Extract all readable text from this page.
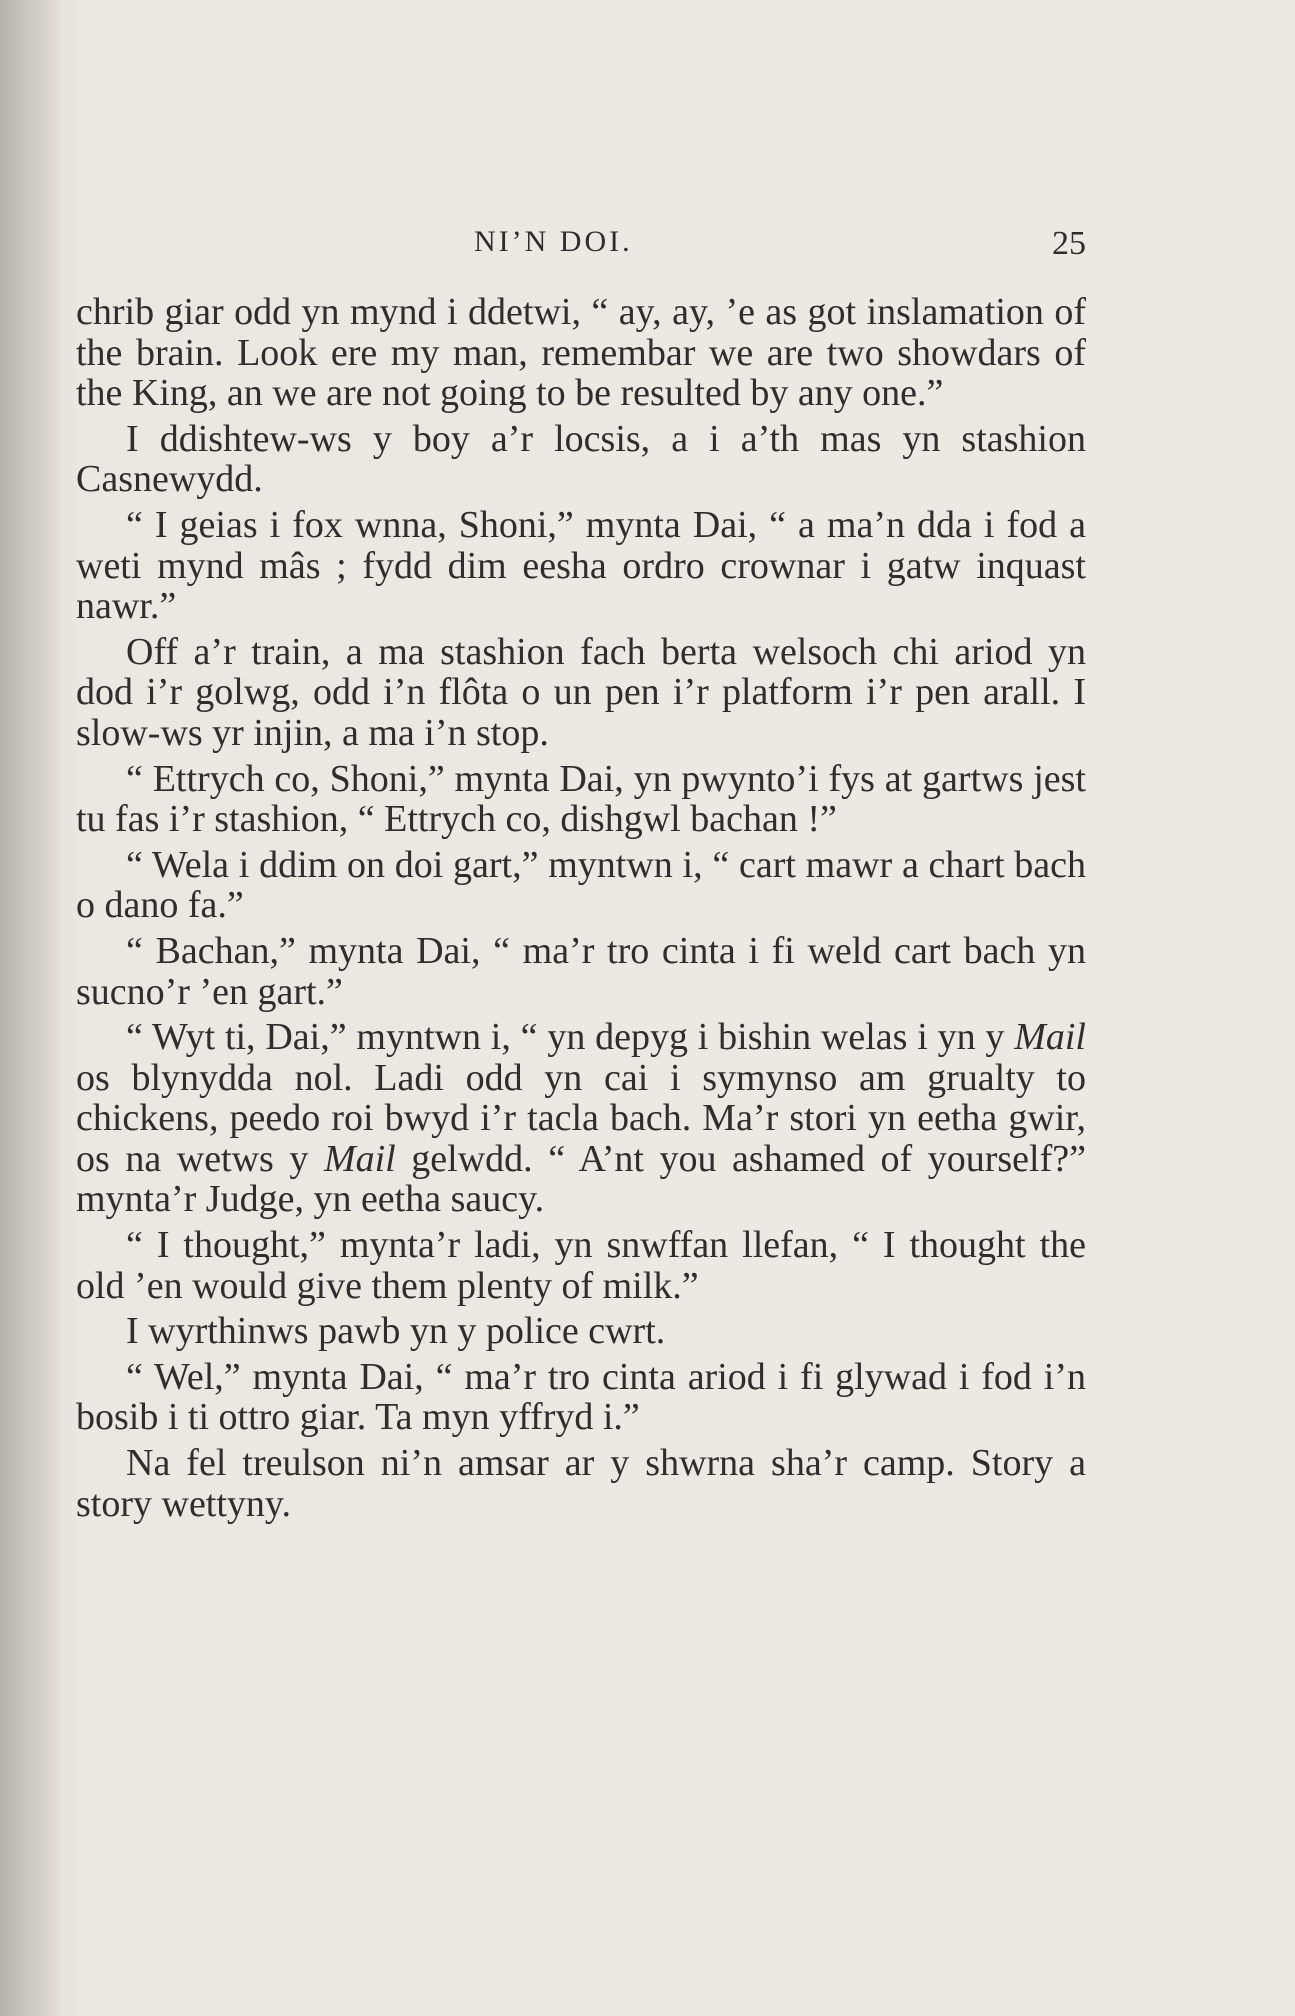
NI’N DOI.	25

chrib giar odd yn mynd i ddetwi, “ ay, ay, ’e as got inslamation of the brain. Look ere my man, remembar we are two showdars of the King, an we are not going to be resulted by any one.”

I ddishtew-ws y boy a’r locsis, a i a’th mas yn stashion Casnewydd.

“ I geias i fox wnna, Shoni,” mynta Dai, “ a ma’n dda i fod a weti mynd mâs ; fydd dim eesha ordro crownar i gatw inquast nawr.”

Off a’r train, a ma stashion fach berta welsoch chi ariod yn dod i’r golwg, odd i’n flôta o un pen i’r platform i’r pen arall. I slow-ws yr injin, a ma i’n stop.

“ Ettrych co, Shoni,” mynta Dai, yn pwynto’i fys at gartws jest tu fas i’r stashion, “ Ettrych co, dishgwl bachan !”

“ Wela i ddim on doi gart,” myntwn i, “ cart mawr a chart bach o dano fa.”

“ Bachan,” mynta Dai, “ ma’r tro cinta i fi weld cart bach yn sucno’r ’en gart.”

“ Wyt ti, Dai,” myntwn i, “ yn depyg i bishin welas i yn y Mail os blynydda nol. Ladi odd yn cai i symynso am grualty to chickens, peedo roi bwyd i’r tacla bach. Ma’r stori yn eetha gwir, os na wetws y Mail gelwdd. “ A’nt you ashamed of yourself?” mynta’r Judge, yn eetha saucy.

“ I thought,” mynta’r ladi, yn snwffan llefan, “ I thought the old ’en would give them plenty of milk.”

I wyrthinws pawb yn y police cwrt.

“ Wel,” mynta Dai, “ ma’r tro cinta ariod i fi glywad i fod i’n bosib i ti ottro giar. Ta myn yffryd i.”

Na fel treulson ni’n amsar ar y shwrna sha’r camp. Story a story wettyny.
